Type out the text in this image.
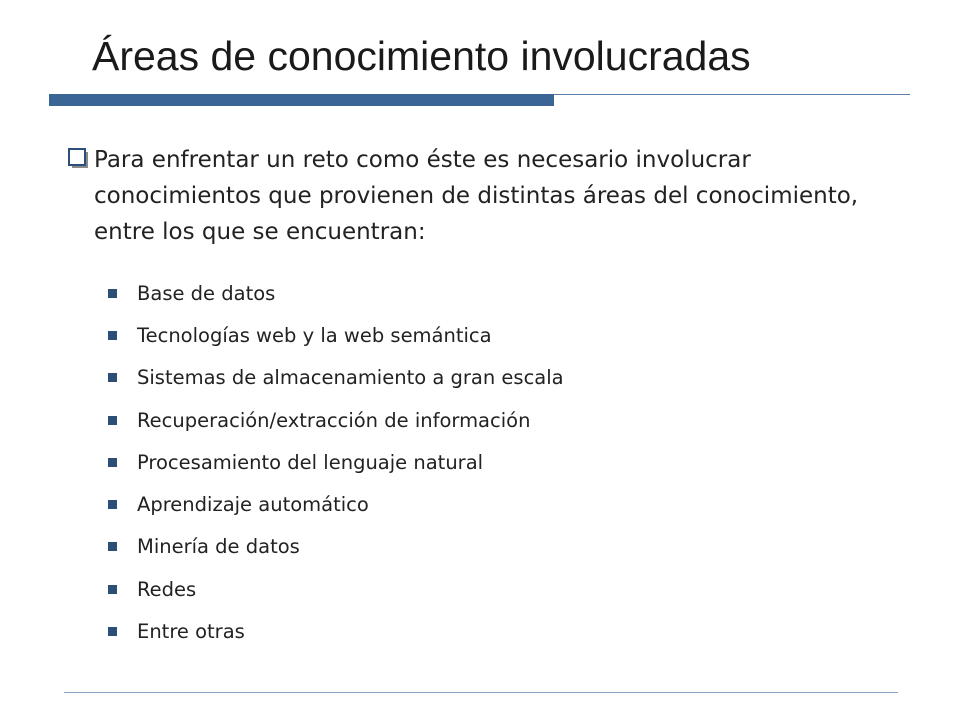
Áreas de conocimiento involucradas

Para enfrentar un reto como éste es necesario involucrar conocimientos que provienen de distintas áreas del conocimiento, entre los que se encuentran:

Base de datos
Tecnologías web y la web semántica
Sistemas de almacenamiento a gran escala
Recuperación/extracción de información
Procesamiento del lenguaje natural
Aprendizaje automático
Minería de datos
Redes
Entre otras
